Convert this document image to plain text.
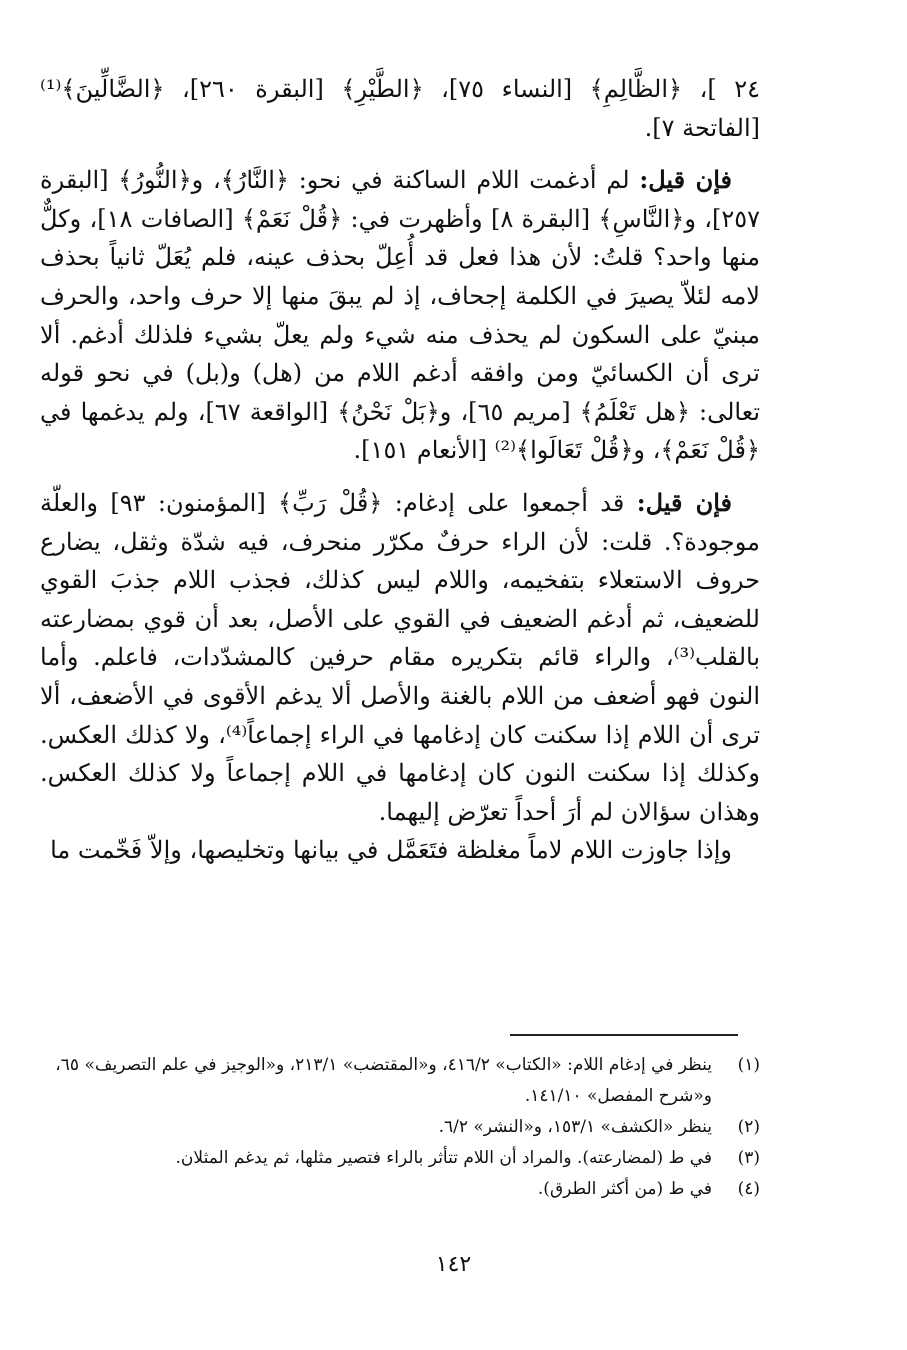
٢٤ ]، ﴿الظَّالِمِ﴾ [النساء ٧٥]، ﴿الطَّيْرِ﴾ [البقرة ٢٦٠]، ﴿الضَّالِّينَ﴾⁽¹⁾ [الفاتحة ٧].

فإن قيل: لم أدغمت اللام الساكنة في نحو: ﴿النَّارُ﴾، و﴿النُّورُ﴾ [البقرة ٢٥٧]، و﴿النَّاسِ﴾ [البقرة ٨] وأظهرت في: ﴿قُلْ نَعَمْ﴾ [الصافات ١٨]، وكلٌّ منها واحد؟ قلتُ: لأن هذا فعل قد أُعِلّ بحذف عينه، فلم يُعَلّ ثانياً بحذف لامه لئلاّ يصيرَ في الكلمة إجحاف، إذ لم يبقَ منها إلا حرف واحد، والحرف مبنيّ على السكون لم يحذف منه شيء ولم يعلّ بشيء فلذلك أدغم. ألا ترى أن الكسائيّ ومن وافقه أدغم اللام من (هل) و(بل) في نحو قوله تعالى: ﴿هل تَعْلَمُ﴾ [مريم ٦٥]، و﴿بَلْ نَحْنُ﴾ [الواقعة ٦٧]، ولم يدغمها في ﴿قُلْ نَعَمْ﴾، و﴿قُلْ تَعَالَوا﴾⁽²⁾ [الأنعام ١٥١].

فإن قيل: قد أجمعوا على إدغام: ﴿قُلْ رَبِّ﴾ [المؤمنون: ٩٣] والعلّة موجودة؟. قلت: لأن الراء حرفٌ مكرّر منحرف، فيه شدّة وثقل، يضارع حروف الاستعلاء بتفخيمه، واللام ليس كذلك، فجذب اللام جذبَ القوي للضعيف، ثم أدغم الضعيف في القوي على الأصل، بعد أن قوي بمضارعته بالقلب⁽³⁾، والراء قائم بتكريره مقام حرفين كالمشدّدات، فاعلم. وأما النون فهو أضعف من اللام بالغنة والأصل ألا يدغم الأقوى في الأضعف، ألا ترى أن اللام إذا سكنت كان إدغامها في الراء إجماعاً⁽⁴⁾، ولا كذلك العكس. وكذلك إذا سكنت النون كان إدغامها في اللام إجماعاً ولا كذلك العكس. وهذان سؤالان لم أرَ أحداً تعرّض إليهما.

وإذا جاوزت اللام لاماً مغلظة فتَعَمَّل في بيانها وتخليصها، وإلاّ فَخّمت ما

(١)
ينظر في إدغام اللام: «الكتاب» ٤١٦/٢، و«المقتضب» ٢١٣/١، و«الوجيز في علم التصريف» ٦٥، و«شرح المفصل» ١٤١/١٠.
(٢)
ينظر «الكشف» ١٥٣/١، و«النشر» ٦/٢.
(٣)
في ط (لمضارعته). والمراد أن اللام تتأثر بالراء فتصير مثلها، ثم يدغم المثلان.
(٤)
في ط (من أكثر الطرق).
١٤٢
